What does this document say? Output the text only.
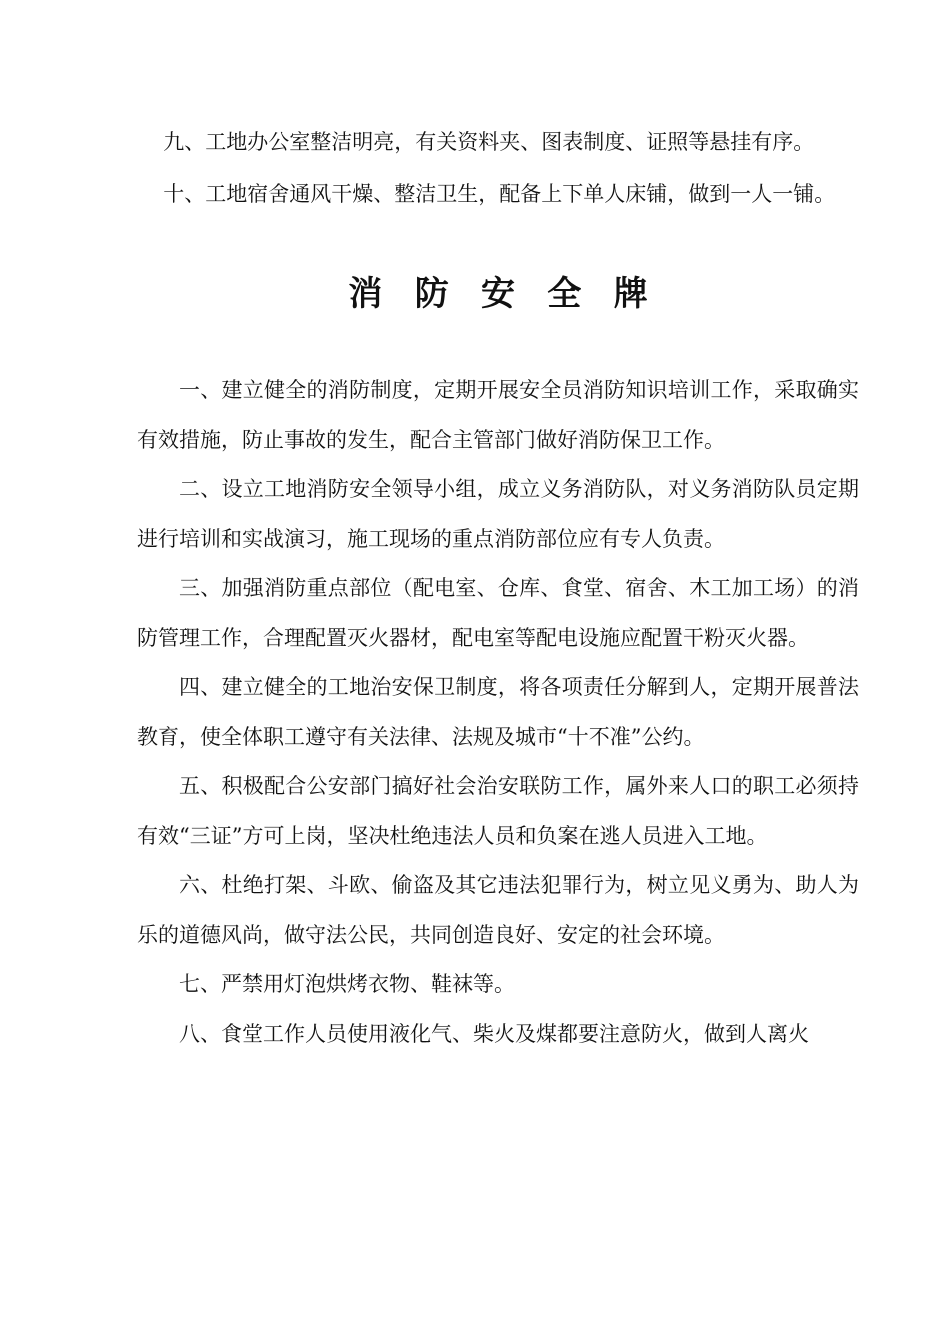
九、工地办公室整洁明亮，有关资料夹、图表制度、证照等悬挂有序。

十、工地宿舍通风干燥、整洁卫生，配备上下单人床铺，做到一人一铺。

消防安全牌

一、建立健全的消防制度，定期开展安全员消防知识培训工作，采取确实有效措施，防止事故的发生，配合主管部门做好消防保卫工作。

二、设立工地消防安全领导小组，成立义务消防队，对义务消防队员定期进行培训和实战演习，施工现场的重点消防部位应有专人负责。

三、加强消防重点部位（配电室、仓库、食堂、宿舍、木工加工场）的消防管理工作，合理配置灭火器材，配电室等配电设施应配置干粉灭火器。

四、建立健全的工地治安保卫制度，将各项责任分解到人，定期开展普法教育，使全体职工遵守有关法律、法规及城市“十不准”公约。

五、积极配合公安部门搞好社会治安联防工作，属外来人口的职工必须持有效“三证”方可上岗，坚决杜绝违法人员和负案在逃人员进入工地。

六、杜绝打架、斗欧、偷盗及其它违法犯罪行为，树立见义勇为、助人为乐的道德风尚，做守法公民，共同创造良好、安定的社会环境。

七、严禁用灯泡烘烤衣物、鞋袜等。

八、食堂工作人员使用液化气、柴火及煤都要注意防火，做到人离火
